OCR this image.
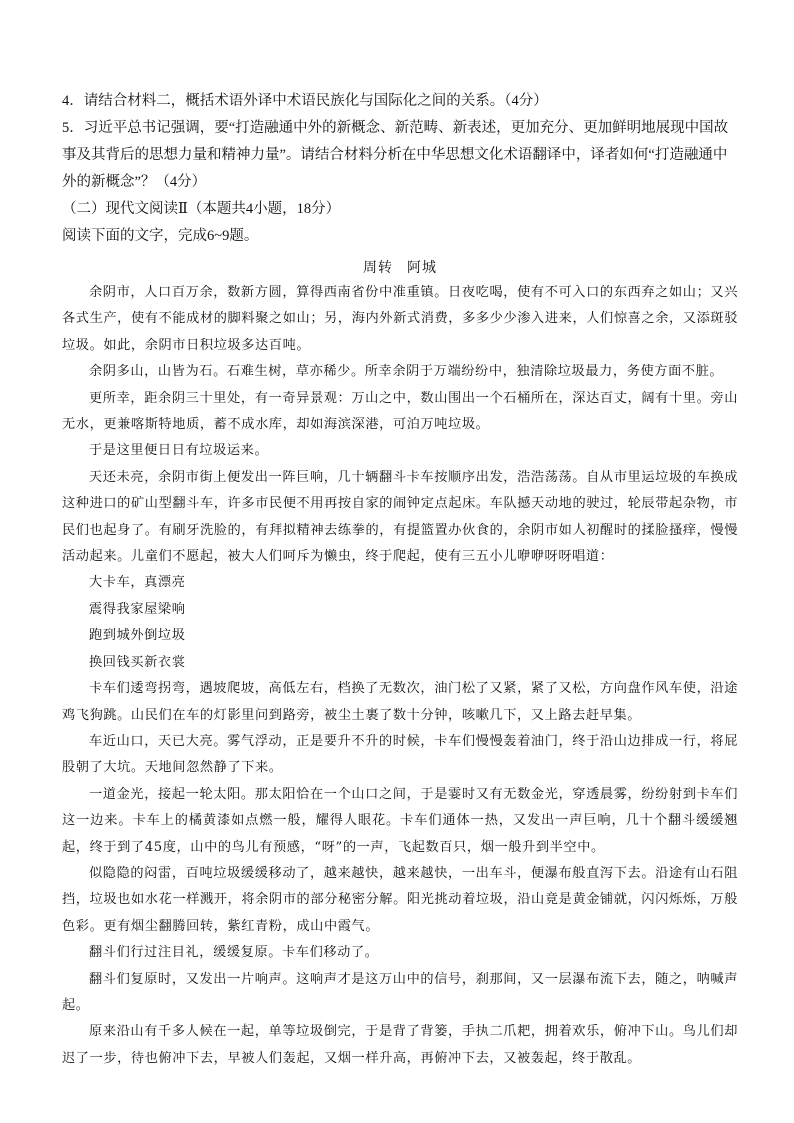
4．请结合材料二，概括术语外译中术语民族化与国际化之间的关系。（4分）

5．习近平总书记强调，要“打造融通中外的新概念、新范畴、新表述，更加充分、更加鲜明地展现中国故事及其背后的思想力量和精神力量”。请结合材料分析在中华思想文化术语翻译中，译者如何“打造融通中外的新概念”？（4分）

（二）现代文阅读Ⅱ（本题共4小题，18分）

阅读下面的文字，完成6~9题。

周转 阿城

余阴市，人口百万余，数新方圆，算得西南省份中准重镇。日夜吃喝，使有不可入口的东西弃之如山；又兴各式生产，使有不能成材的脚料聚之如山；另，海内外新式消费，多多少少渗入进来，人们惊喜之余，又添斑驳垃圾。如此，余阴市日积垃圾多达百吨。

余阴多山，山皆为石。石难生树，草亦稀少。所幸余阴于万端纷纷中，独清除垃圾最力，务使方面不脏。

更所幸，距余阴三十里处，有一奇异景观：万山之中，数山围出一个石桶所在，深达百丈，阔有十里。旁山无水，更兼喀斯特地质，蓄不成水库，却如海滨深港，可泊万吨垃圾。

于是这里便日日有垃圾运来。

天还未亮，余阴市街上便发出一阵巨响，几十辆翻斗卡车按顺序出发，浩浩荡荡。自从市里运垃圾的车换成这种进口的矿山型翻斗车，许多市民便不用再按自家的闹钟定点起床。车队撼天动地的驶过，轮辰带起杂物，市民们也起身了。有刷牙洗脸的，有拜拟精神去练拳的，有提篮置办伙食的，余阴市如人初醒时的揉脸搔痒，慢慢活动起来。儿童们不愿起，被大人们呵斥为懒虫，终于爬起，使有三五小儿咿咿呀呀唱道：

大卡车，真漂亮

震得我家屋梁响

跑到城外倒垃圾

换回钱买新衣裳

卡车们逶弯拐弯，遇坡爬坡，高低左右，档换了无数次，油门松了又紧，紧了又松，方向盘作风车使，沿途鸡飞狗跳。山民们在车的灯影里问到路旁，被尘土裹了数十分钟，咳嗽几下，又上路去赶早集。

车近山口，天已大亮。雾气浮动，正是要升不升的时候，卡车们慢慢轰着油门，终于沿山边排成一行，将屁股朝了大坑。天地间忽然静了下来。

一道金光，接起一轮太阳。那太阳恰在一个山口之间，于是霎时又有无数金光，穿透晨雾，纷纷射到卡车们这一边来。卡车上的橘黄漆如点燃一般，耀得人眼花。卡车们通体一热，又发出一声巨响，几十个翻斗缓缓翘起，终于到了45度，山中的鸟儿有预感，“呀”的一声，飞起数百只，烟一般升到半空中。

似隐隐的闷雷，百吨垃圾缓缓移动了，越来越快，越来越快，一出车斗，便瀑布般直泻下去。沿途有山石阻挡，垃圾也如水花一样溅开，将余阴市的部分秘密分解。阳光挑动着垃圾，沿山竟是黄金铺就，闪闪烁烁，万般色彩。更有烟尘翻腾回转，紫红青粉，成山中霞气。

翻斗们行过注目礼，缓缓复原。卡车们移动了。

翻斗们复原时，又发出一片响声。这响声才是这万山中的信号，刹那间，又一层瀑布流下去，随之，呐喊声起。

原来沿山有千多人候在一起，单等垃圾倒完，于是背了背篓，手执二爪耙，拥着欢乐，俯冲下山。鸟儿们却迟了一步，待也俯冲下去，早被人们轰起，又烟一样升高，再俯冲下去，又被轰起，终于散乱。
